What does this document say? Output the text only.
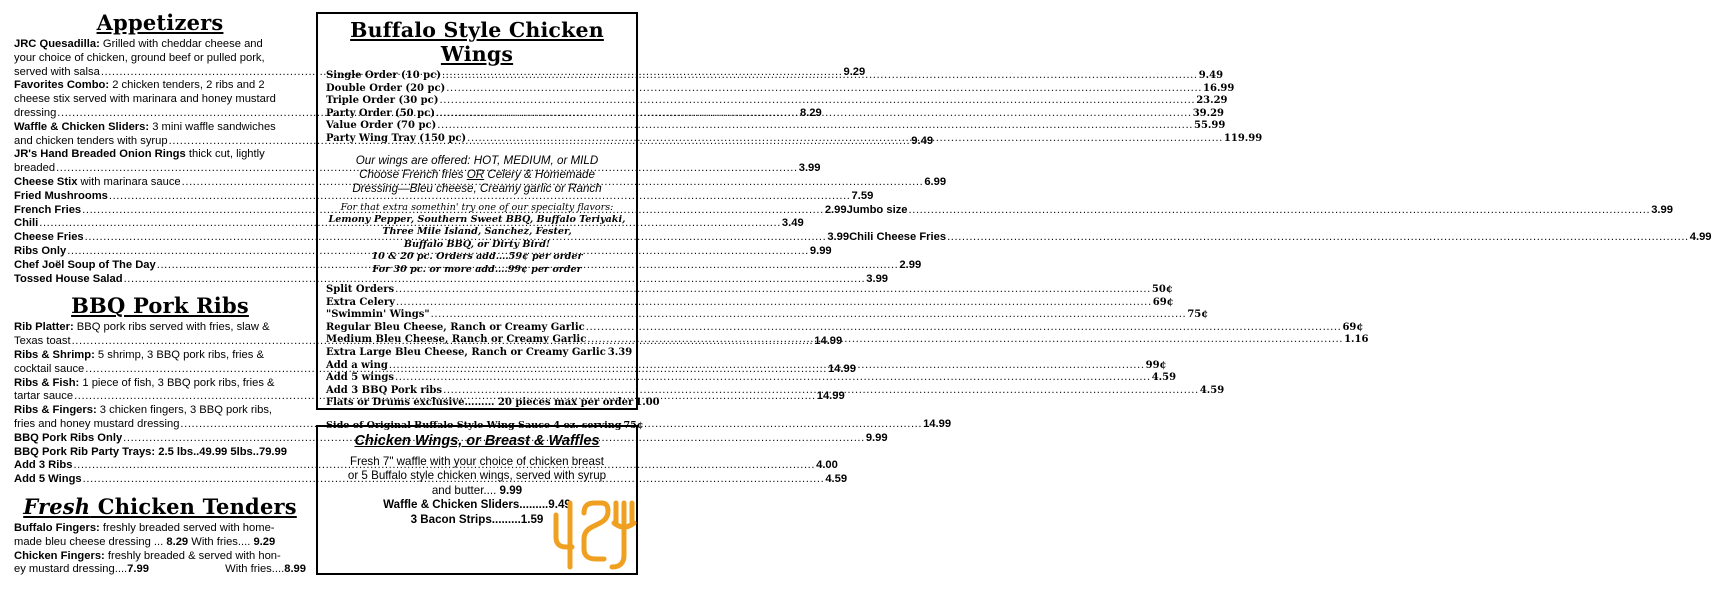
Appetizers
JRC Quesadilla: Grilled with cheddar cheese and
your choice of chicken, ground beef or pulled pork,
served with salsa .....	9.29
Favorites Combo: 2 chicken tenders, 2 ribs and 2
cheese stix served with marinara and honey mustard
dressing .....	8.29
Waffle & Chicken Sliders: 3 mini waffle sandwiches
and chicken tenders with syrup .....	9.49
JR's Hand Breaded Onion Rings thick cut, lightly
breaded .....	3.99
Cheese Stix
with marinara sauce .....	6.99
Fried Mushrooms .....	7.59
French Fries .....	2.99 Jumbo size .....	3.99
Chili .....	3.49
Cheese Fries .....	3.99 Chili Cheese Fries .....	4.99
Ribs Only .....	9.99
Chef Joël Soup of The Day .....	2.99
Tossed House Salad .....	3.99
BBQ Pork Ribs
Rib Platter: BBQ pork ribs served with fries, slaw &
Texas toast .....	14.99
Ribs & Shrimp: 5 shrimp, 3 BBQ pork ribs, fries &
cocktail sauce .....	14.99
Ribs & Fish: 1 piece of fish, 3 BBQ pork ribs, fries &
tartar sauce .....	14.99
Ribs & Fingers: 3 chicken fingers, 3 BBQ pork ribs,
fries and honey mustard dressing .....	14.99
BBQ Pork Ribs Only .....	9.99
BBQ Pork Rib Party Trays: 2.5 lbs..49.99 5lbs..79.99
Add 3 Ribs .....	4.00
Add 5 Wings .....	4.59
Fresh Chicken Tenders
Buffalo Fingers: freshly breaded served with home-
made bleu cheese dressing ... 8.29 With fries.... 9.29
Chicken Fingers: freshly breaded & served with hon-

ey mustard dressing.... 7.99	With fries.... 8.99
Buffalo Style Chicken Wings
Single Order (10 pc) .....	9.49
Double Order (20 pc) .....	16.99
Triple Order (30 pc) .....	23.29
Party Order (50 pc) .....	39.29
Value Order (70 pc) .....	55.99
Party Wing Tray (150 pc) .....	119.99
Our wings are offered: HOT, MEDIUM, or MILD
Choose French fries OR Celery & Homemade
Dressing—Bleu cheese, Creamy garlic or Ranch
For that extra somethin' try one of our specialty flavors:
Lemony Pepper, Southern Sweet BBQ, Buffalo Teriyaki,
Three Mile Island, Sanchez, Fester,
Buffalo BBQ, or Dirty Bird!
10 & 20 pc. Orders add….59¢ per order
For 30 pc. or more add….99¢ per order
Split Orders .....	50¢
Extra Celery .....	69¢
"Swimmin' Wings" .....	75¢
Regular Bleu Cheese, Ranch or Creamy Garlic .....	69¢
Medium Bleu Cheese, Ranch or Creamy Garlic .....	1.16
Extra Large Bleu Cheese, Ranch or Creamy Garlic 3.39
Add a wing .....	99¢
Add 5 wings .....	4.59
Add 3 BBQ Pork ribs .....	4.59
Flats or Drums exclusive……… 20 pieces max per order 1.00
Side of Original Buffalo Style Wing Sauce 4 oz. serving 75¢
Chicken Wings, or Breast & Waffles
Fresh 7" waffle with your choice of chicken breast
or 5 Buffalo style chicken wings, served with syrup
and butter.... 9.99
Waffle & Chicken Sliders.........9.49
3 Bacon Strips.........1.59
